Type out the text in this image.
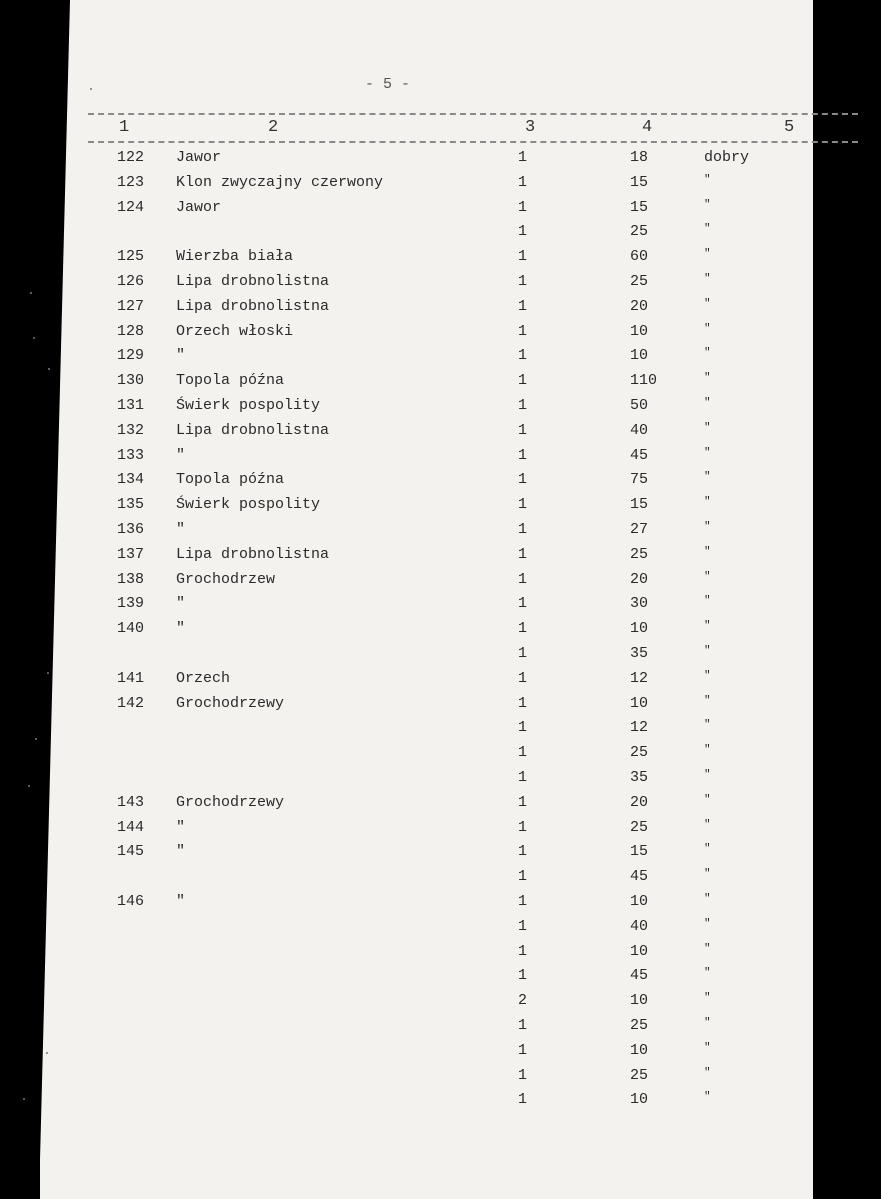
- 5 -
1	2	3	4	5
122 Jawor	1	18	dobry
123 Klon zwyczajny czerwony	1	15	"
124 Jawor	1	15	"
1	25	"
125 Wierzba biała	1	60	"
126 Lipa drobnolistna	1	25	"
127 Lipa drobnolistna	1	20	"
128 Orzech włoski	1	10	"
129 "	1	10	"
130 Topola późna	1	110	"
131 Świerk pospolity	1	50	"
132 Lipa drobnolistna	1	40	"
133 "	1	45	"
134 Topola późna	1	75	"
135 Świerk pospolity	1	15	"
136 "	1	27	"
137 Lipa drobnolistna	1	25	"
138 Grochodrzew	1	20	"
139 "	1	30	"
140 "	1	10	"
1	35	"
141 Orzech	1	12	"
142 Grochodrzewy	1	10	"
1	12	"
1	25	"
1	35	"
143 Grochodrzewy	1	20	"
144 "	1	25	"
145 "	1	15	"
1	45	"
146 "	1	10	"
1	40	"
1	10	"
1	45	"
2	10	"
1	25	"
1	10	"
1	25	"
1	10	"
